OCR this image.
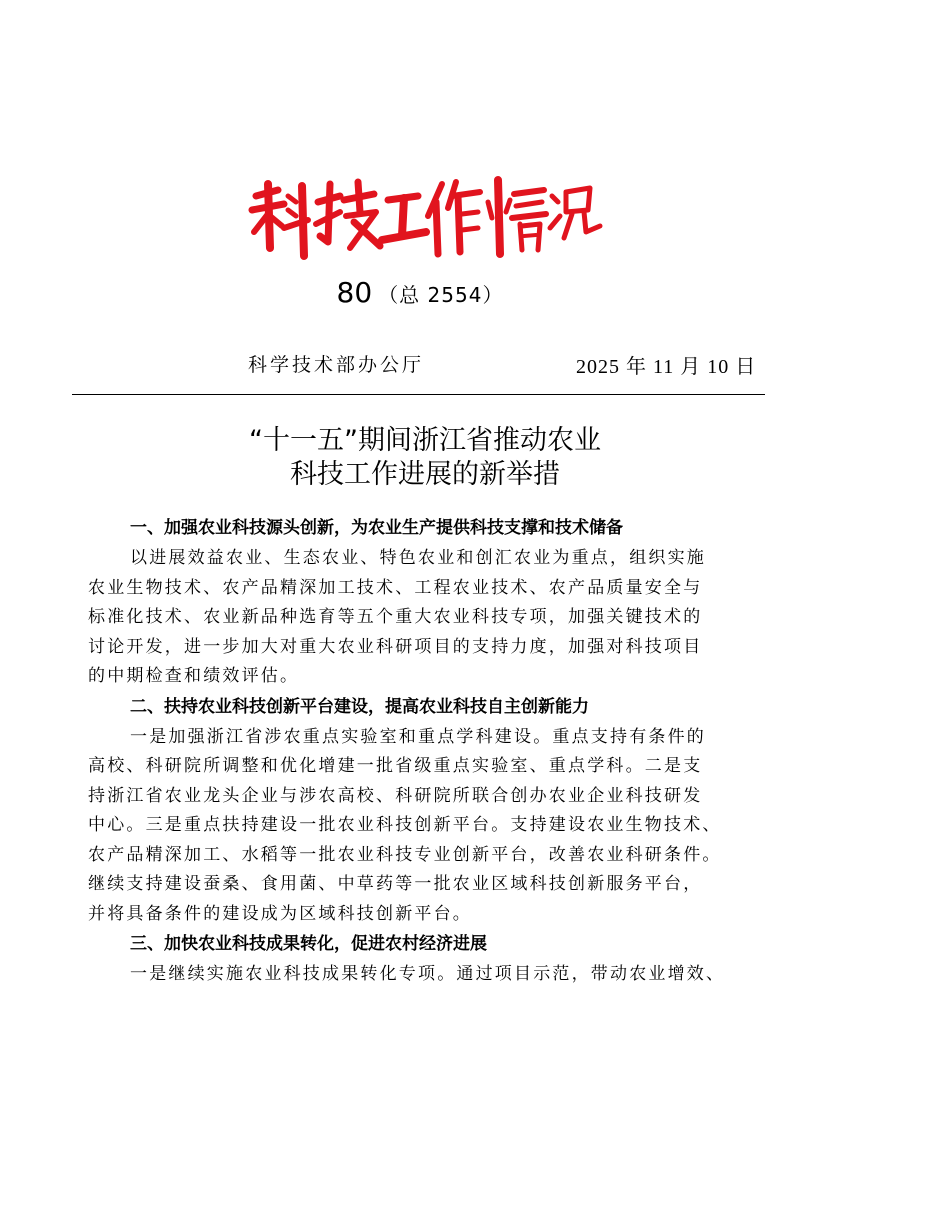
80 （总 2554）
科学技术部办公厅	2025 年 11 月 10 日
“十一五”期间浙江省推动农业
科技工作进展的新举措
一、加强农业科技源头创新，为农业生产提供科技支撑和技术储备
以进展效益农业、生态农业、特色农业和创汇农业为重点，组织实施
农业生物技术、农产品精深加工技术、工程农业技术、农产品质量安全与
标准化技术、农业新品种选育等五个重大农业科技专项，加强关键技术的
讨论开发，进一步加大对重大农业科研项目的支持力度，加强对科技项目
的中期检查和绩效评估。
二、扶持农业科技创新平台建设，提高农业科技自主创新能力
一是加强浙江省涉农重点实验室和重点学科建设。重点支持有条件的
高校、科研院所调整和优化增建一批省级重点实验室、重点学科。二是支
持浙江省农业龙头企业与涉农高校、科研院所联合创办农业企业科技研发
中心。三是重点扶持建设一批农业科技创新平台。支持建设农业生物技术、
农产品精深加工、水稻等一批农业科技专业创新平台，改善农业科研条件。
继续支持建设蚕桑、食用菌、中草药等一批农业区域科技创新服务平台，
并将具备条件的建设成为区域科技创新平台。
三、加快农业科技成果转化，促进农村经济进展
一是继续实施农业科技成果转化专项。通过项目示范，带动农业增效、
